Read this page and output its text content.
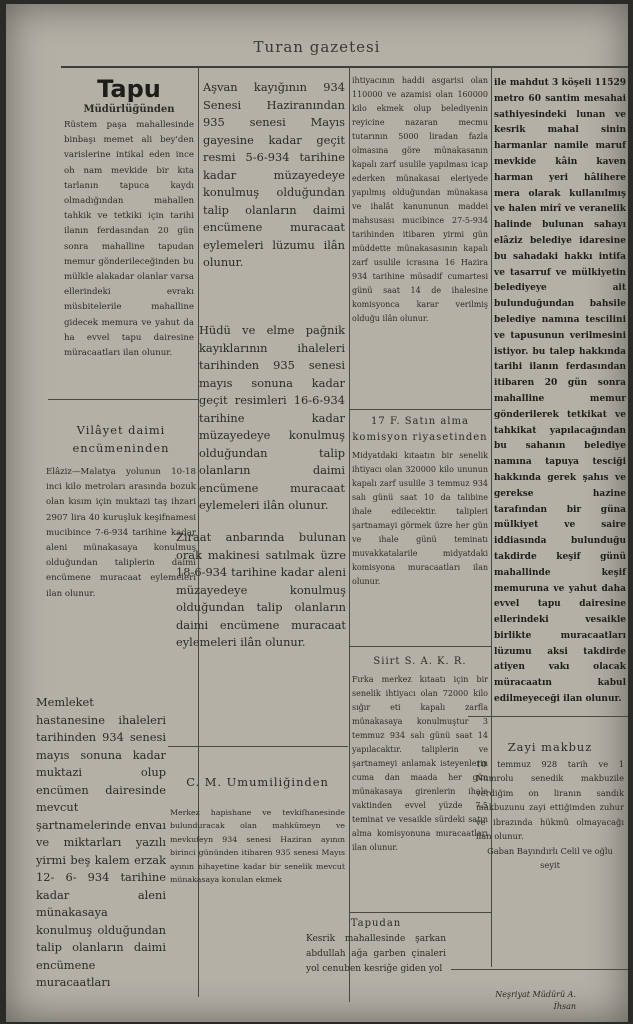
Turan gazetesi
Tapu
Müdürlüğünden

Rüstem paşa mahallesinde binbaşı memet ali bey'den varislerine intikal eden ince oh nam mevkide bir kıta tarlanın tapuca kaydı olmadığından mahallen tahkik ve tetkiki için tarihi ilanın ferdasından 20 gün sonra mahalline tapudan memur gönderileceğinden bu mülkle alakadar olanlar varsa ellerindeki evrakı müsbitelerile mahalline gidecek memura ve yahut da ha evvel tapu dairesine müracaatları ilan olunur.

Vilâyet daimi encümeninden

Elâziz—Malatya yolunun 10-18 inci kilo metroları arasında bozuk olan kısım için muktazi taş ihzari 2907 lira 40 kuruşluk keşifnamesi mucibince 7-6-934 tarihine kadar aleni münakasaya konulmuş olduğundan taliplerin daimi encümene muracaat eylemeleri ilan olunur.

Memleket hastanesine ihaleleri tarihinden 934 senesi mayıs sonuna kadar muktazi olup encümen dairesinde mevcut şartnamelerinde envaı ve miktarları yazılı yirmi beş kalem erzak 12- 6- 934 tarihine kadar aleni münakasaya konulmuş olduğundan talip olanların daimi encümene muracaatları

Aşvan kayığının 934 Senesi Haziranından 935 senesi Mayıs gayesine kadar geçit resmi 5-6-934 tarihine kadar müzayedeye konulmuş olduğundan talip olanların daimi encümene muracaat eylemeleri lüzumu ilân olunur.

Hüdü ve elme pağnik kayıklarının ihaleleri tarihinden 935 senesi mayıs sonuna kadar geçit resimleri 16-6-934 tarihine kadar müzayedeye konulmuş olduğundan talip olanların daimi encümene muracaat eylemeleri ilân olunur.

Ziraat anbarında bulunan orak makinesi satılmak üzre 18-6-934 tarihine kadar aleni müzayedeye konulmuş olduğundan talip olanların daimi encümene muracaat eylemeleri ilân olunur.

C. M. Umumiliğinden

Merkez hapishane ve tevkifhanesinde bulunduracak olan mahkûmeyn ve mevkufeyn 934 senesi Haziran ayının birinci gününden itibaren 935 senesi Mayıs ayının nihayetine kadar bir senelik mevcut münakasaya konulan ekmek

ihtiyacının haddi asgarisi olan 110000 ve azamisi olan 160000 kilo ekmek olup belediyenin reyicine nazaran mecmu tutarının 5000 liradan fazla olmasına göre münakasanın kapalı zarf usulile yapılması icap ederken münakasai eleriyede yapılmış olduğundan münakasa ve ihalât kanununun maddei mahsusası mucibince 27-5-934 tarihinden itibaren yirmi gün müddette münakasasının kapalı zarf usulile icrasına 16 Hazira 934 tarihine müsadif cumartesi günü saat 14 de ihalesine komisyonca karar verilmiş olduğu ilân olunur.

17 F. Satın alma komisyon riyasetinden

Midyatdaki kıtaatın bir senelik ihtiyacı olan 320000 kilo ununun kapalı zarf usulile 3 temmuz 934 salı günü saat 10 da talibine ihale edilecektir. talipleri şartnamayi görmek üzre her gün ve ihale günü teminatı muvakkatalarile midyatdaki komisyona muracaatları ilan olunur.

Siirt S. A. K. R.

Fırka merkez kıtaatı için bir senelik ihtiyacı olan 72000 kilo sığır eti kapalı zarfla münakasaya konulmuştur 3 temmuz 934 salı günü saat 14 yapılacaktır. taliplerin ve şartnameyi anlamak isteyenlerin cuma dan maada her gün münakasaya girenlerin ihale vaktinden evvel yüzde 7.5 teminat ve vesaikle sürdeki satın alma komisyonuna muracaatları ilan olunur.

Tapudan

Kesrik mahallesinde şarkan abdullah ağa garben çinaleri yol cenuben kesriğe giden yol

ile mahdut 3 köşeli 11529 metro 60 santim mesahai sathiyesindeki lunan ve kesrik mahal sinin harmanlar namile maruf mevkide kâin kaven harman yeri hâlihere mera olarak kullanılmış ve halen mirî ve veranelik halinde bulunan sahayı elâziz belediye idaresine bu sahadaki hakkı intifa ve tasarruf ve mülkiyetin belediyeye ait bulunduğundan bahsile belediye namına tescilini ve tapusunun verilmesini istiyor. bu talep hakkında tarihi ilanın ferdasından itibaren 20 gün sonra mahalline memur gönderilerek tetkikat ve tahkikat yapılacağından bu sahanın belediye namına tapuya tesciği hakkında gerek şahıs ve gerekse hazine tarafından bir güna mülkiyet ve saire iddiasında bulunduğu takdirde keşif günü mahallinde keşif memuruna ve yahut daha evvel tapu dairesine ellerindeki vesaikle birlikte muracaatları lüzumu aksi takdirde atiyen vakı olacak müracaatın kabul edilmeyeceği ilan olunur.

Zayi makbuz

10 temmuz 928 tarih ve 1 Numrolu senedik makbuzile verdiğim on liranın sandık makbuzunu zayi ettiğimden zuhur ve ibrazında hükmü olmayacağı ilan olunur.

Gaban Bayındırlı Celil ve oğlu seyit

Neşriyat Müdürü A. İhsan
